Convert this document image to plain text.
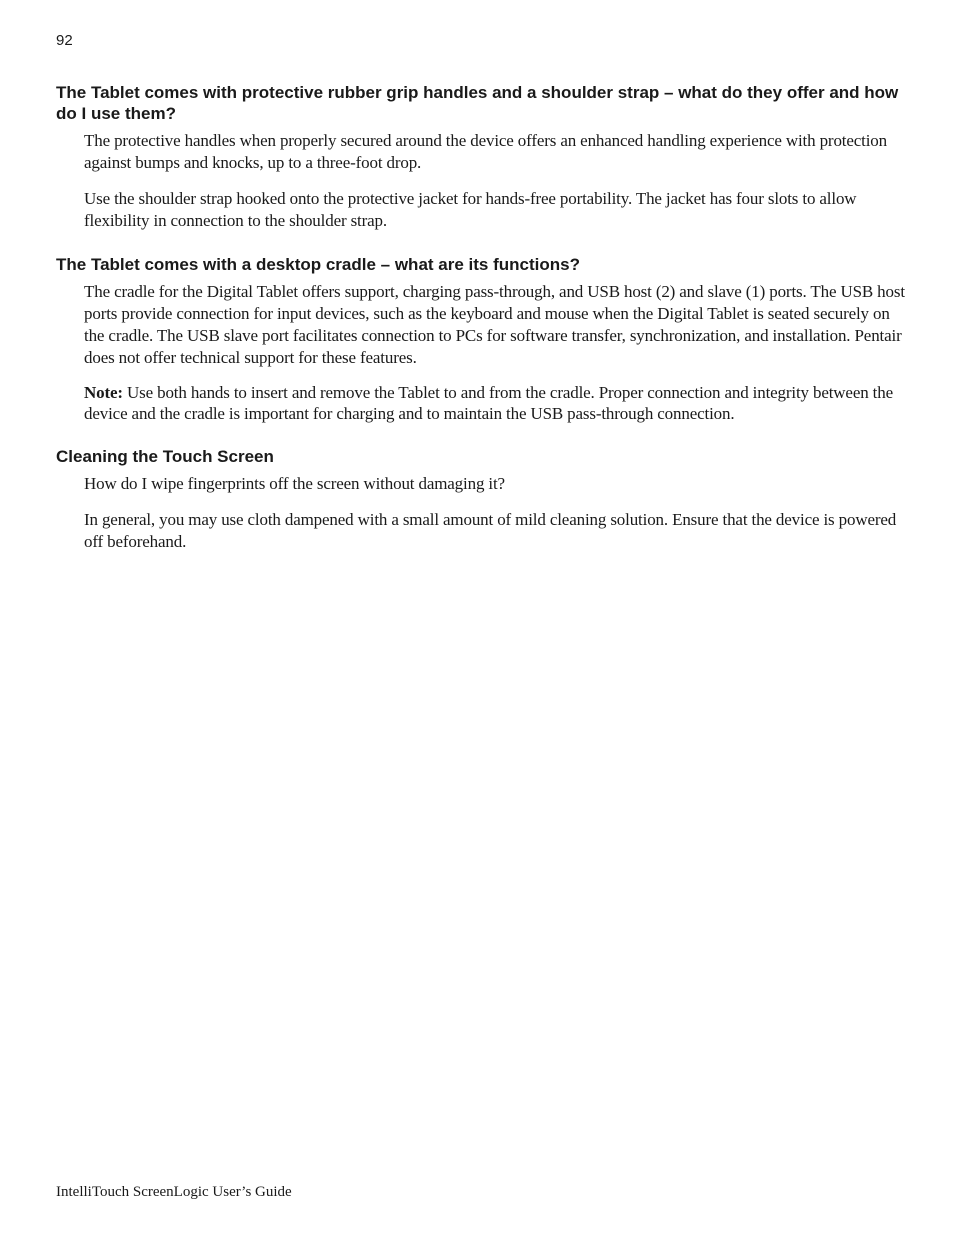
92
The Tablet comes with protective rubber grip handles and a shoulder strap – what do they offer and how do I use them?

The protective handles when properly secured around the device offers an enhanced handling experience with protection against bumps and knocks, up to a three-foot drop.

Use the shoulder strap hooked onto the protective jacket for hands-free portability. The jacket has four slots to allow flexibility in connection to the shoulder strap.

The Tablet comes with a desktop cradle – what are its functions?

The cradle for the Digital Tablet offers support, charging pass-through, and USB host (2) and slave (1) ports. The USB host ports provide connection for input devices, such as the keyboard and mouse when the Digital Tablet is seated securely on the cradle. The USB slave port facilitates connection to PCs for software transfer, synchronization, and installation. Pentair does not offer technical support for these features.

Note: Use both hands to insert and remove the Tablet to and from the cradle. Proper connection and integrity between the device and the cradle is important for charging and to maintain the USB pass-through connection.

Cleaning the Touch Screen

How do I wipe fingerprints off the screen without damaging it?

In general, you may use cloth dampened with a small amount of mild cleaning solution. Ensure that the device is powered off beforehand.

IntelliTouch ScreenLogic User’s Guide
